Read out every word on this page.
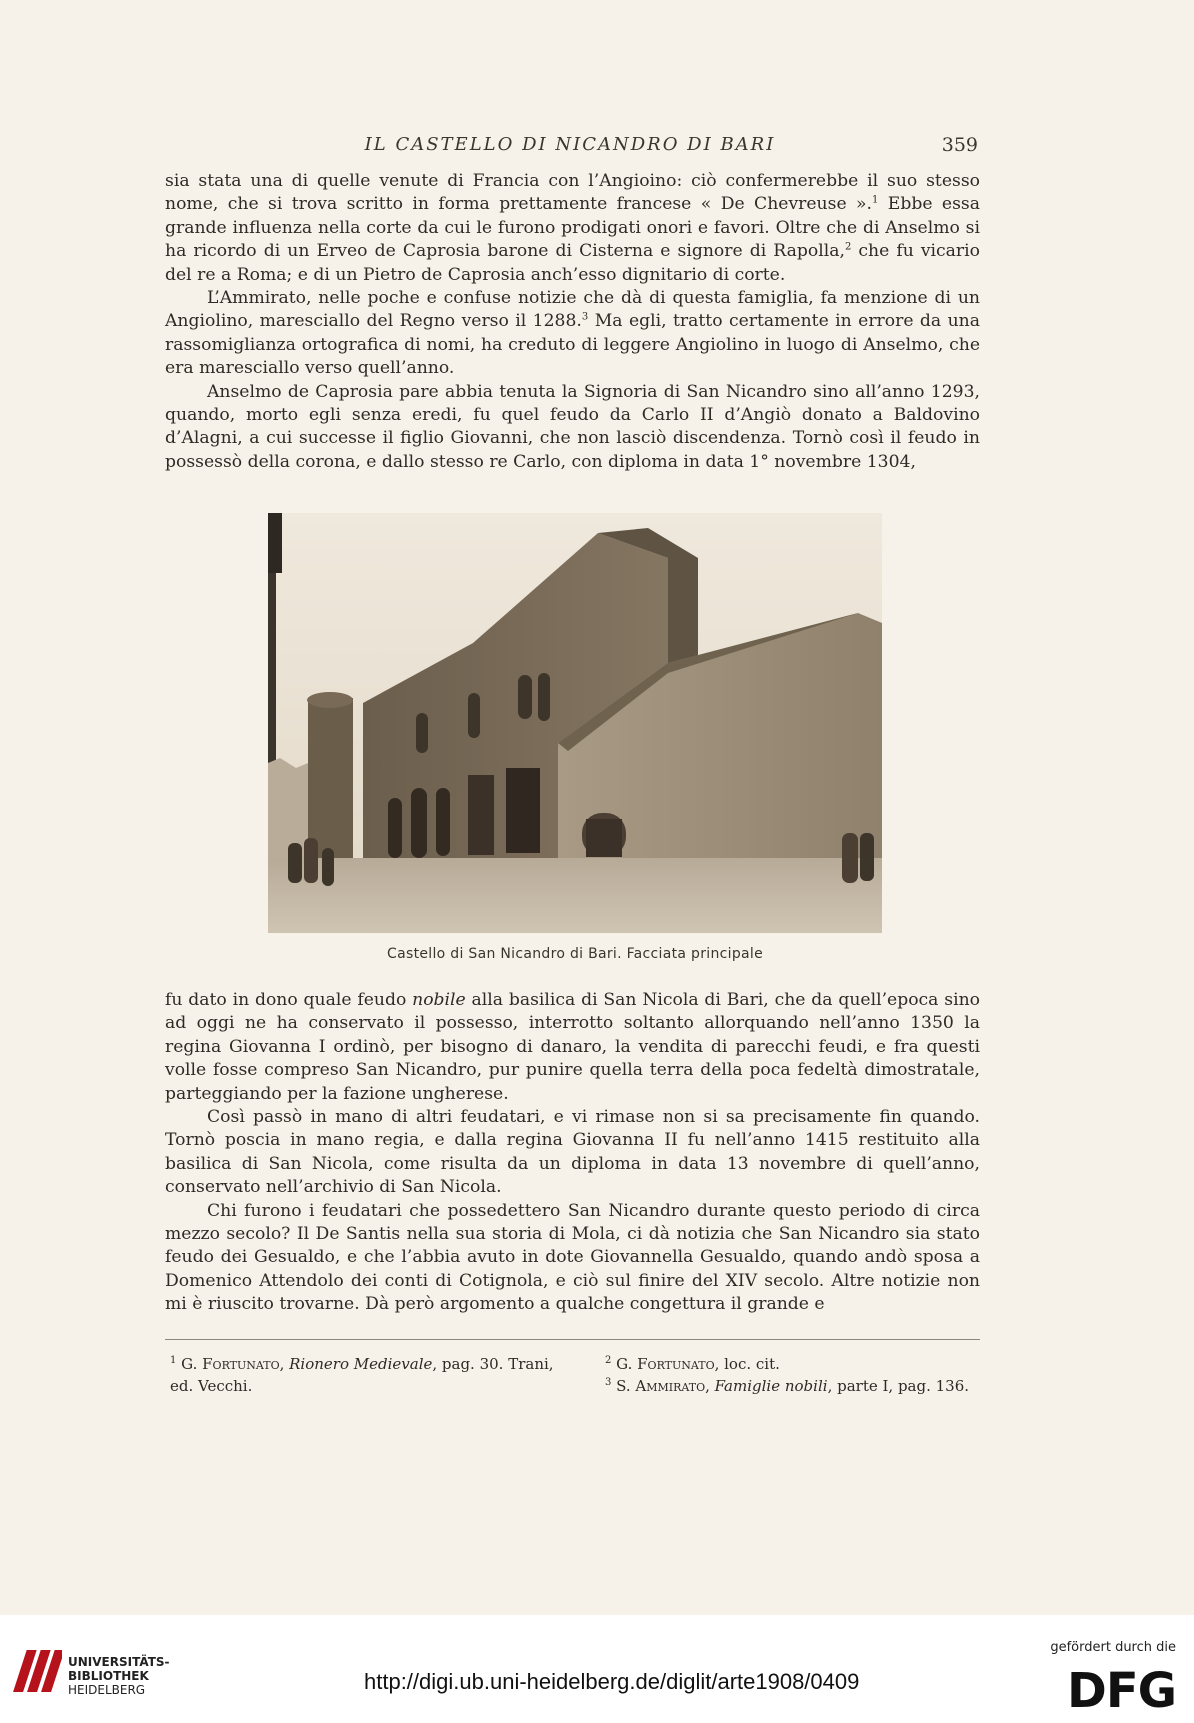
IL CASTELLO DI NICANDRO DI BARI	359

sia stata una di quelle venute di Francia con l’Angioino: ciò confermerebbe il suo stesso nome, che si trova scritto in forma prettamente francese « De Chevreuse ».$^1$ Ebbe essa grande influenza nella corte da cui le furono prodigati onori e favori. Oltre che di Anselmo si ha ricordo di un Erveo de Caprosia barone di Cisterna e signore di Rapolla,$^2$ che fu vicario del re a Roma; e di un Pietro de Caprosia anch’esso dignitario di corte.

L’Ammirato, nelle poche e confuse notizie che dà di questa famiglia, fa menzione di un Angiolino, maresciallo del Regno verso il 1288.$^3$ Ma egli, tratto certamente in errore da una rassomiglianza ortografica di nomi, ha creduto di leggere Angiolino in luogo di Anselmo, che era maresciallo verso quell’anno.

Anselmo de Caprosia pare abbia tenuta la Signoria di San Nicandro sino all’anno 1293, quando, morto egli senza eredi, fu quel feudo da Carlo II d’Angiò donato a Baldovino d’Alagni, a cui successe il figlio Giovanni, che non lasciò discendenza. Tornò così il feudo in possessò della corona, e dallo stesso re Carlo, con diploma in data 1° novembre 1304,

Castello di San Nicandro di Bari. Facciata principale

fu dato in dono quale feudo nobile alla basilica di San Nicola di Bari, che da quell’epoca sino ad oggi ne ha conservato il possesso, interrotto soltanto allorquando nell’anno 1350 la regina Giovanna I ordinò, per bisogno di danaro, la vendita di parecchi feudi, e fra questi volle fosse compreso San Nicandro, pur punire quella terra della poca fedeltà dimostratale, parteggiando per la fazione ungherese.

Così passò in mano di altri feudatari, e vi rimase non si sa precisamente fin quando. Tornò poscia in mano regia, e dalla regina Giovanna II fu nell’anno 1415 restituito alla basilica di San Nicola, come risulta da un diploma in data 13 novembre di quell’anno, conservato nell’archivio di San Nicola.

Chi furono i feudatari che possedettero San Nicandro durante questo periodo di circa mezzo secolo? Il De Santis nella sua storia di Mola, ci dà notizia che San Nicandro sia stato feudo dei Gesualdo, e che l’abbia avuto in dote Giovannella Gesualdo, quando andò sposa a Domenico Attendolo dei conti di Cotignola, e ciò sul finire del XIV secolo. Altre notizie non mi è riuscito trovarne. Dà però argomento a qualche congettura il grande e

$^1$ G. Fortunato, Rionero Medievale, pag. 30. Trani,
ed. Vecchi.
$^2$ G. Fortunato, loc. cit.
$^3$ S. Ammirato, Famiglie nobili, parte I, pag. 136.
UNIVERSITÄTS-
BIBLIOTHEK
HEIDELBERG	http://digi.ub.uni-heidelberg.de/diglit/arte1908/0409
gefördert durch die
DFG
